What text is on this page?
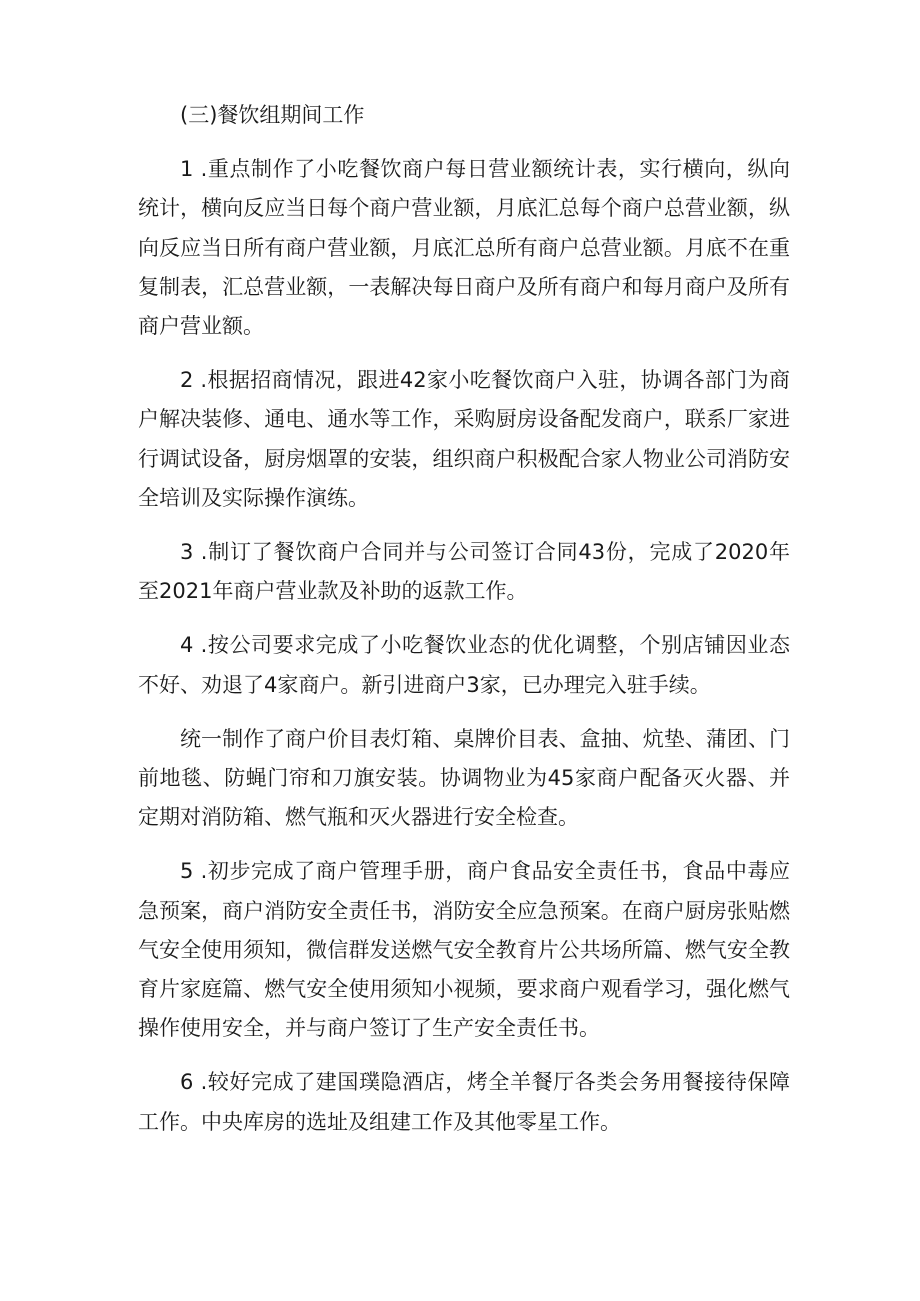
(三)餐饮组期间工作

1 .重点制作了小吃餐饮商户每日营业额统计表，实行横向，纵向统计，横向反应当日每个商户营业额，月底汇总每个商户总营业额，纵向反应当日所有商户营业额，月底汇总所有商户总营业额。月底不在重复制表，汇总营业额，一表解决每日商户及所有商户和每月商户及所有商户营业额。

2 .根据招商情况，跟进42家小吃餐饮商户入驻，协调各部门为商户解决装修、通电、通水等工作，采购厨房设备配发商户，联系厂家进行调试设备，厨房烟罩的安装，组织商户积极配合家人物业公司消防安全培训及实际操作演练。

3 .制订了餐饮商户合同并与公司签订合同43份，完成了2020年至2021年商户营业款及补助的返款工作。

4 .按公司要求完成了小吃餐饮业态的优化调整，个别店铺因业态不好、劝退了4家商户。新引进商户3家，已办理完入驻手续。

统一制作了商户价目表灯箱、桌牌价目表、盒抽、炕垫、蒲团、门前地毯、防蝇门帘和刀旗安装。协调物业为45家商户配备灭火器、并定期对消防箱、燃气瓶和灭火器进行安全检查。

5 .初步完成了商户管理手册，商户食品安全责任书，食品中毒应急预案，商户消防安全责任书，消防安全应急预案。在商户厨房张贴燃气安全使用须知，微信群发送燃气安全教育片公共场所篇、燃气安全教育片家庭篇、燃气安全使用须知小视频，要求商户观看学习，强化燃气操作使用安全，并与商户签订了生产安全责任书。

6 .较好完成了建国璞隐酒店，烤全羊餐厅各类会务用餐接待保障工作。中央库房的选址及组建工作及其他零星工作。
